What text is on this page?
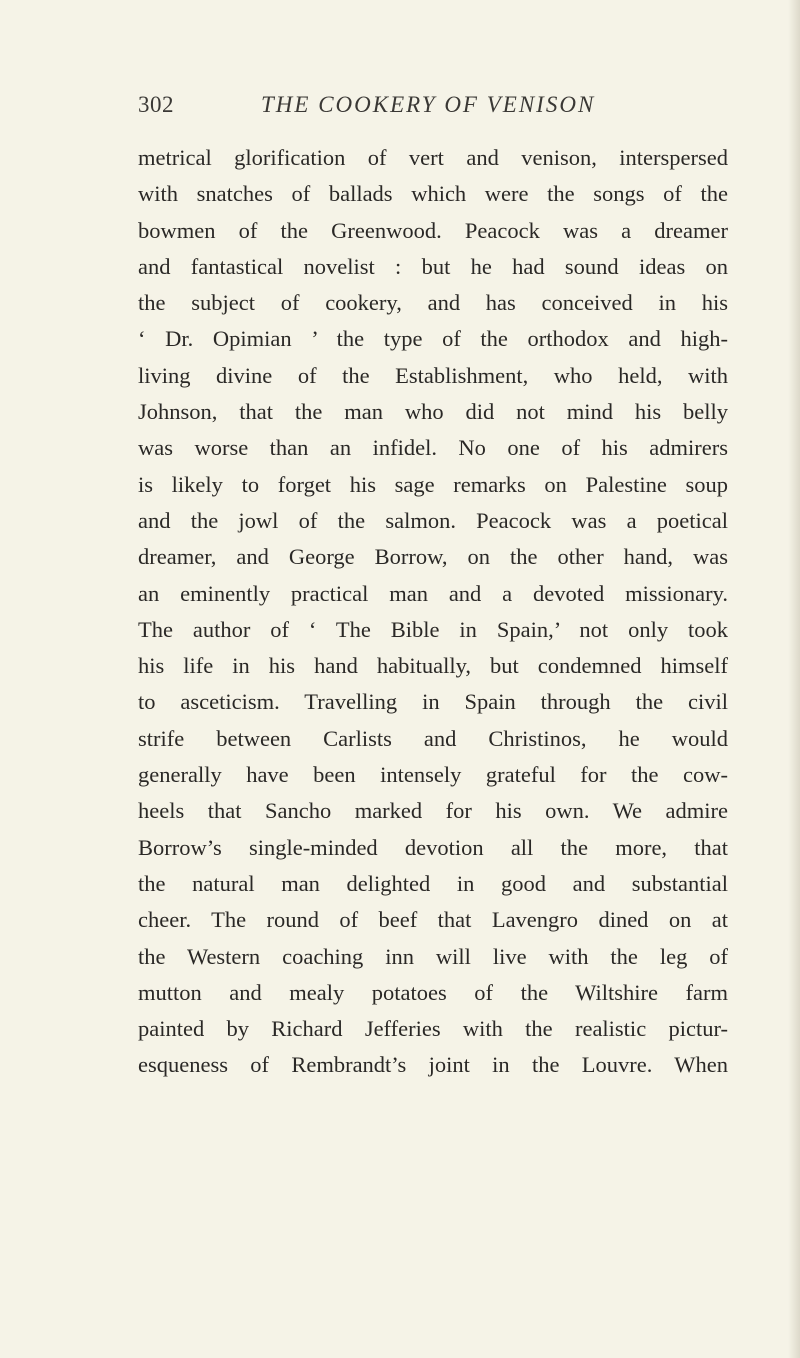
302	THE COOKERY OF VENISON
metrical glorification of vert and venison, interspersed
with snatches of ballads which were the songs of the
bowmen of the Greenwood. Peacock was a dreamer
and fantastical novelist : but he had sound ideas on
the subject of cookery, and has conceived in his
‘ Dr. Opimian ’ the type of the orthodox and high-
living divine of the Establishment, who held, with
Johnson, that the man who did not mind his belly
was worse than an infidel. No one of his admirers
is likely to forget his sage remarks on Palestine soup
and the jowl of the salmon. Peacock was a poetical
dreamer, and George Borrow, on the other hand, was
an eminently practical man and a devoted missionary.
The author of ‘ The Bible in Spain,’ not only took
his life in his hand habitually, but condemned himself
to asceticism. Travelling in Spain through the civil
strife between Carlists and Christinos, he would
generally have been intensely grateful for the cow-
heels that Sancho marked for his own. We admire
Borrow’s single-minded devotion all the more, that
the natural man delighted in good and substantial
cheer. The round of beef that Lavengro dined on at
the Western coaching inn will live with the leg of
mutton and mealy potatoes of the Wiltshire farm
painted by Richard Jefferies with the realistic pictur-
esqueness of Rembrandt’s joint in the Louvre. When
